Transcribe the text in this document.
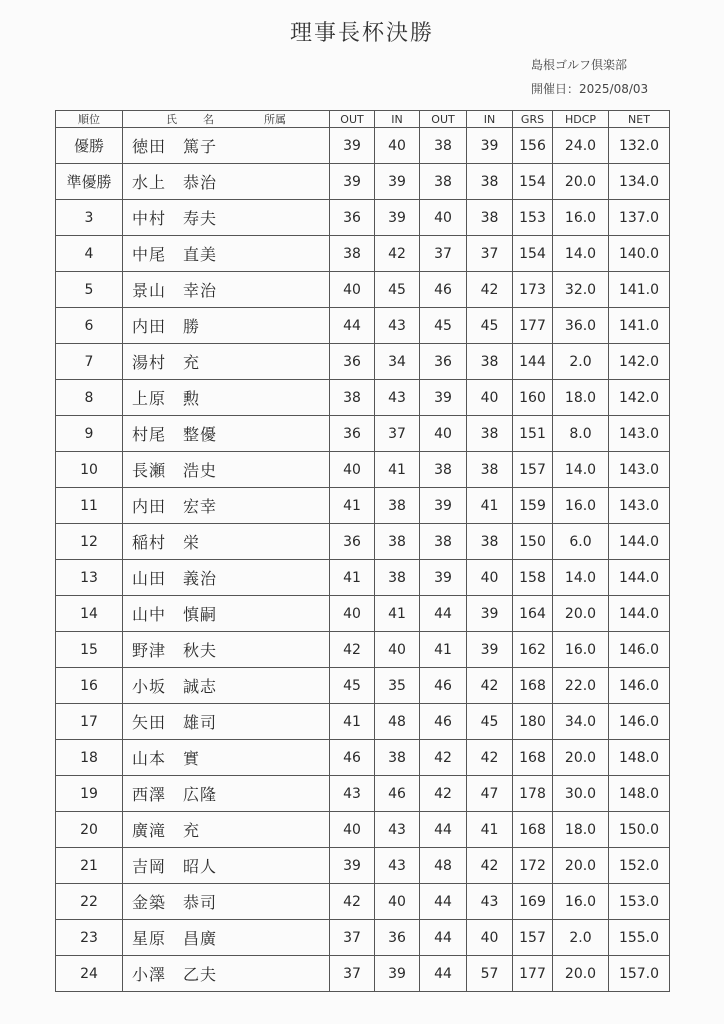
理事長杯決勝
島根ゴルフ倶楽部
開催日：2025/08/03
順位	氏 名 所属	OUT	IN	OUT	IN	GRS	HDCP	NET
優勝	徳田　篤子	39	40	38	39	156	24.0	132.0
準優勝	水上　恭治	39	39	38	38	154	20.0	134.0
3	中村　寿夫	36	39	40	38	153	16.0	137.0
4	中尾　直美	38	42	37	37	154	14.0	140.0
5	景山　幸治	40	45	46	42	173	32.0	141.0
6	内田　勝	44	43	45	45	177	36.0	141.0
7	湯村　充	36	34	36	38	144	2.0	142.0
8	上原　勲	38	43	39	40	160	18.0	142.0
9	村尾　整優	36	37	40	38	151	8.0	143.0
10	長瀬　浩史	40	41	38	38	157	14.0	143.0
11	内田　宏幸	41	38	39	41	159	16.0	143.0
12	稲村　栄	36	38	38	38	150	6.0	144.0
13	山田　義治	41	38	39	40	158	14.0	144.0
14	山中　慎嗣	40	41	44	39	164	20.0	144.0
15	野津　秋夫	42	40	41	39	162	16.0	146.0
16	小坂　誠志	45	35	46	42	168	22.0	146.0
17	矢田　雄司	41	48	46	45	180	34.0	146.0
18	山本　實	46	38	42	42	168	20.0	148.0
19	西澤　広隆	43	46	42	47	178	30.0	148.0
20	廣滝　充	40	43	44	41	168	18.0	150.0
21	吉岡　昭人	39	43	48	42	172	20.0	152.0
22	金築　恭司	42	40	44	43	169	16.0	153.0
23	星原　昌廣	37	36	44	40	157	2.0	155.0
24	小澤　乙夫	37	39	44	57	177	20.0	157.0
